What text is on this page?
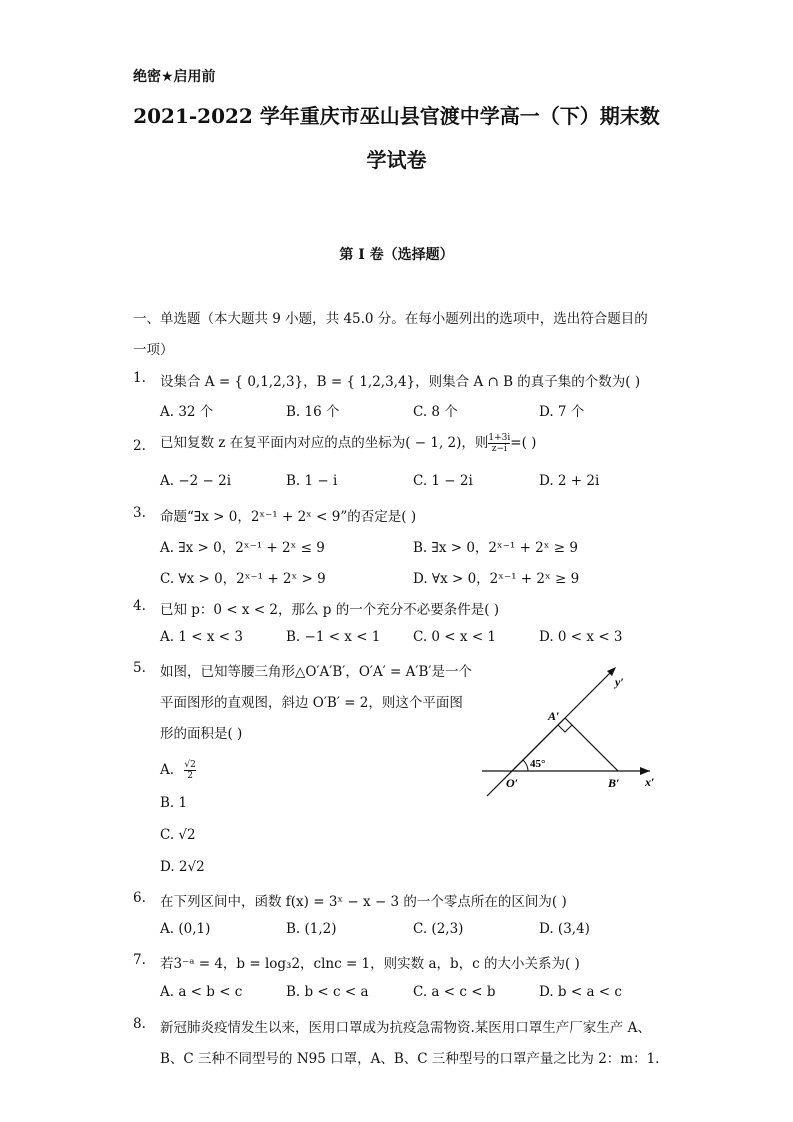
绝密★启用前
2021-2022 学年重庆市巫山县官渡中学高一（下）期末数
学试卷
第 I 卷（选择题）
一、单选题（本大题共 9 小题，共 45.0 分。在每小题列出的选项中，选出符合题目的
一项）
1. 设集合 A = { 0,1,2,3}，B = { 1,2,3,4}，则集合 A ∩ B 的真子集的个数为( )
A. 32 个	B. 16 个	C. 8 个	D. 7 个
2. 已知复数 z 在复平面内对应的点的坐标为( − 1, 2)，则 $\frac{1+3i}{z-i}$ =( )
A. −2 − 2i	B. 1 − i	C. 1 − 2i	D. 2 + 2i
3. 命题“∃x > 0，2ˣ⁻¹ + 2ˣ < 9”的否定是( )
A. ∃x > 0，2ˣ⁻¹ + 2ˣ ≤ 9	B. ∃x > 0，2ˣ⁻¹ + 2ˣ ≥ 9
C. ∀x > 0，2ˣ⁻¹ + 2ˣ > 9	D. ∀x > 0，2ˣ⁻¹ + 2ˣ ≥ 9
4. 已知 p：0 < x < 2，那么 p 的一个充分不必要条件是( )
A. 1 < x < 3	B. −1 < x < 1 C. 0 < x < 1	D. 0 < x < 3
5. 如图，已知等腰三角形△O′A′B′，O′A′ = A′B′是一个
平面图形的直观图，斜边 O′B′ = 2，则这个平面图
形的面积是( )
A. $\frac{√2}{2}$
B. 1
C. √2
D. 2√2
y′
x′
A′
O′	B′
45°
6. 在下列区间中，函数 f(x) = 3ˣ − x − 3 的一个零点所在的区间为( )
A. (0,1)	B. (1,2)	C. (2,3)	D. (3,4)
7. 若3⁻ᵃ = 4，b = log₃2，clnc = 1，则实数 a，b，c 的大小关系为( )
A. a < b < c	B. b < c < a	C. a < c < b	D. b < a < c
8. 新冠肺炎疫情发生以来，医用口罩成为抗疫急需物资.某医用口罩生产厂家生产 A、
B、C 三种不同型号的 N95 口罩，A、B、C 三种型号的口罩产量之比为 2：m：1.
